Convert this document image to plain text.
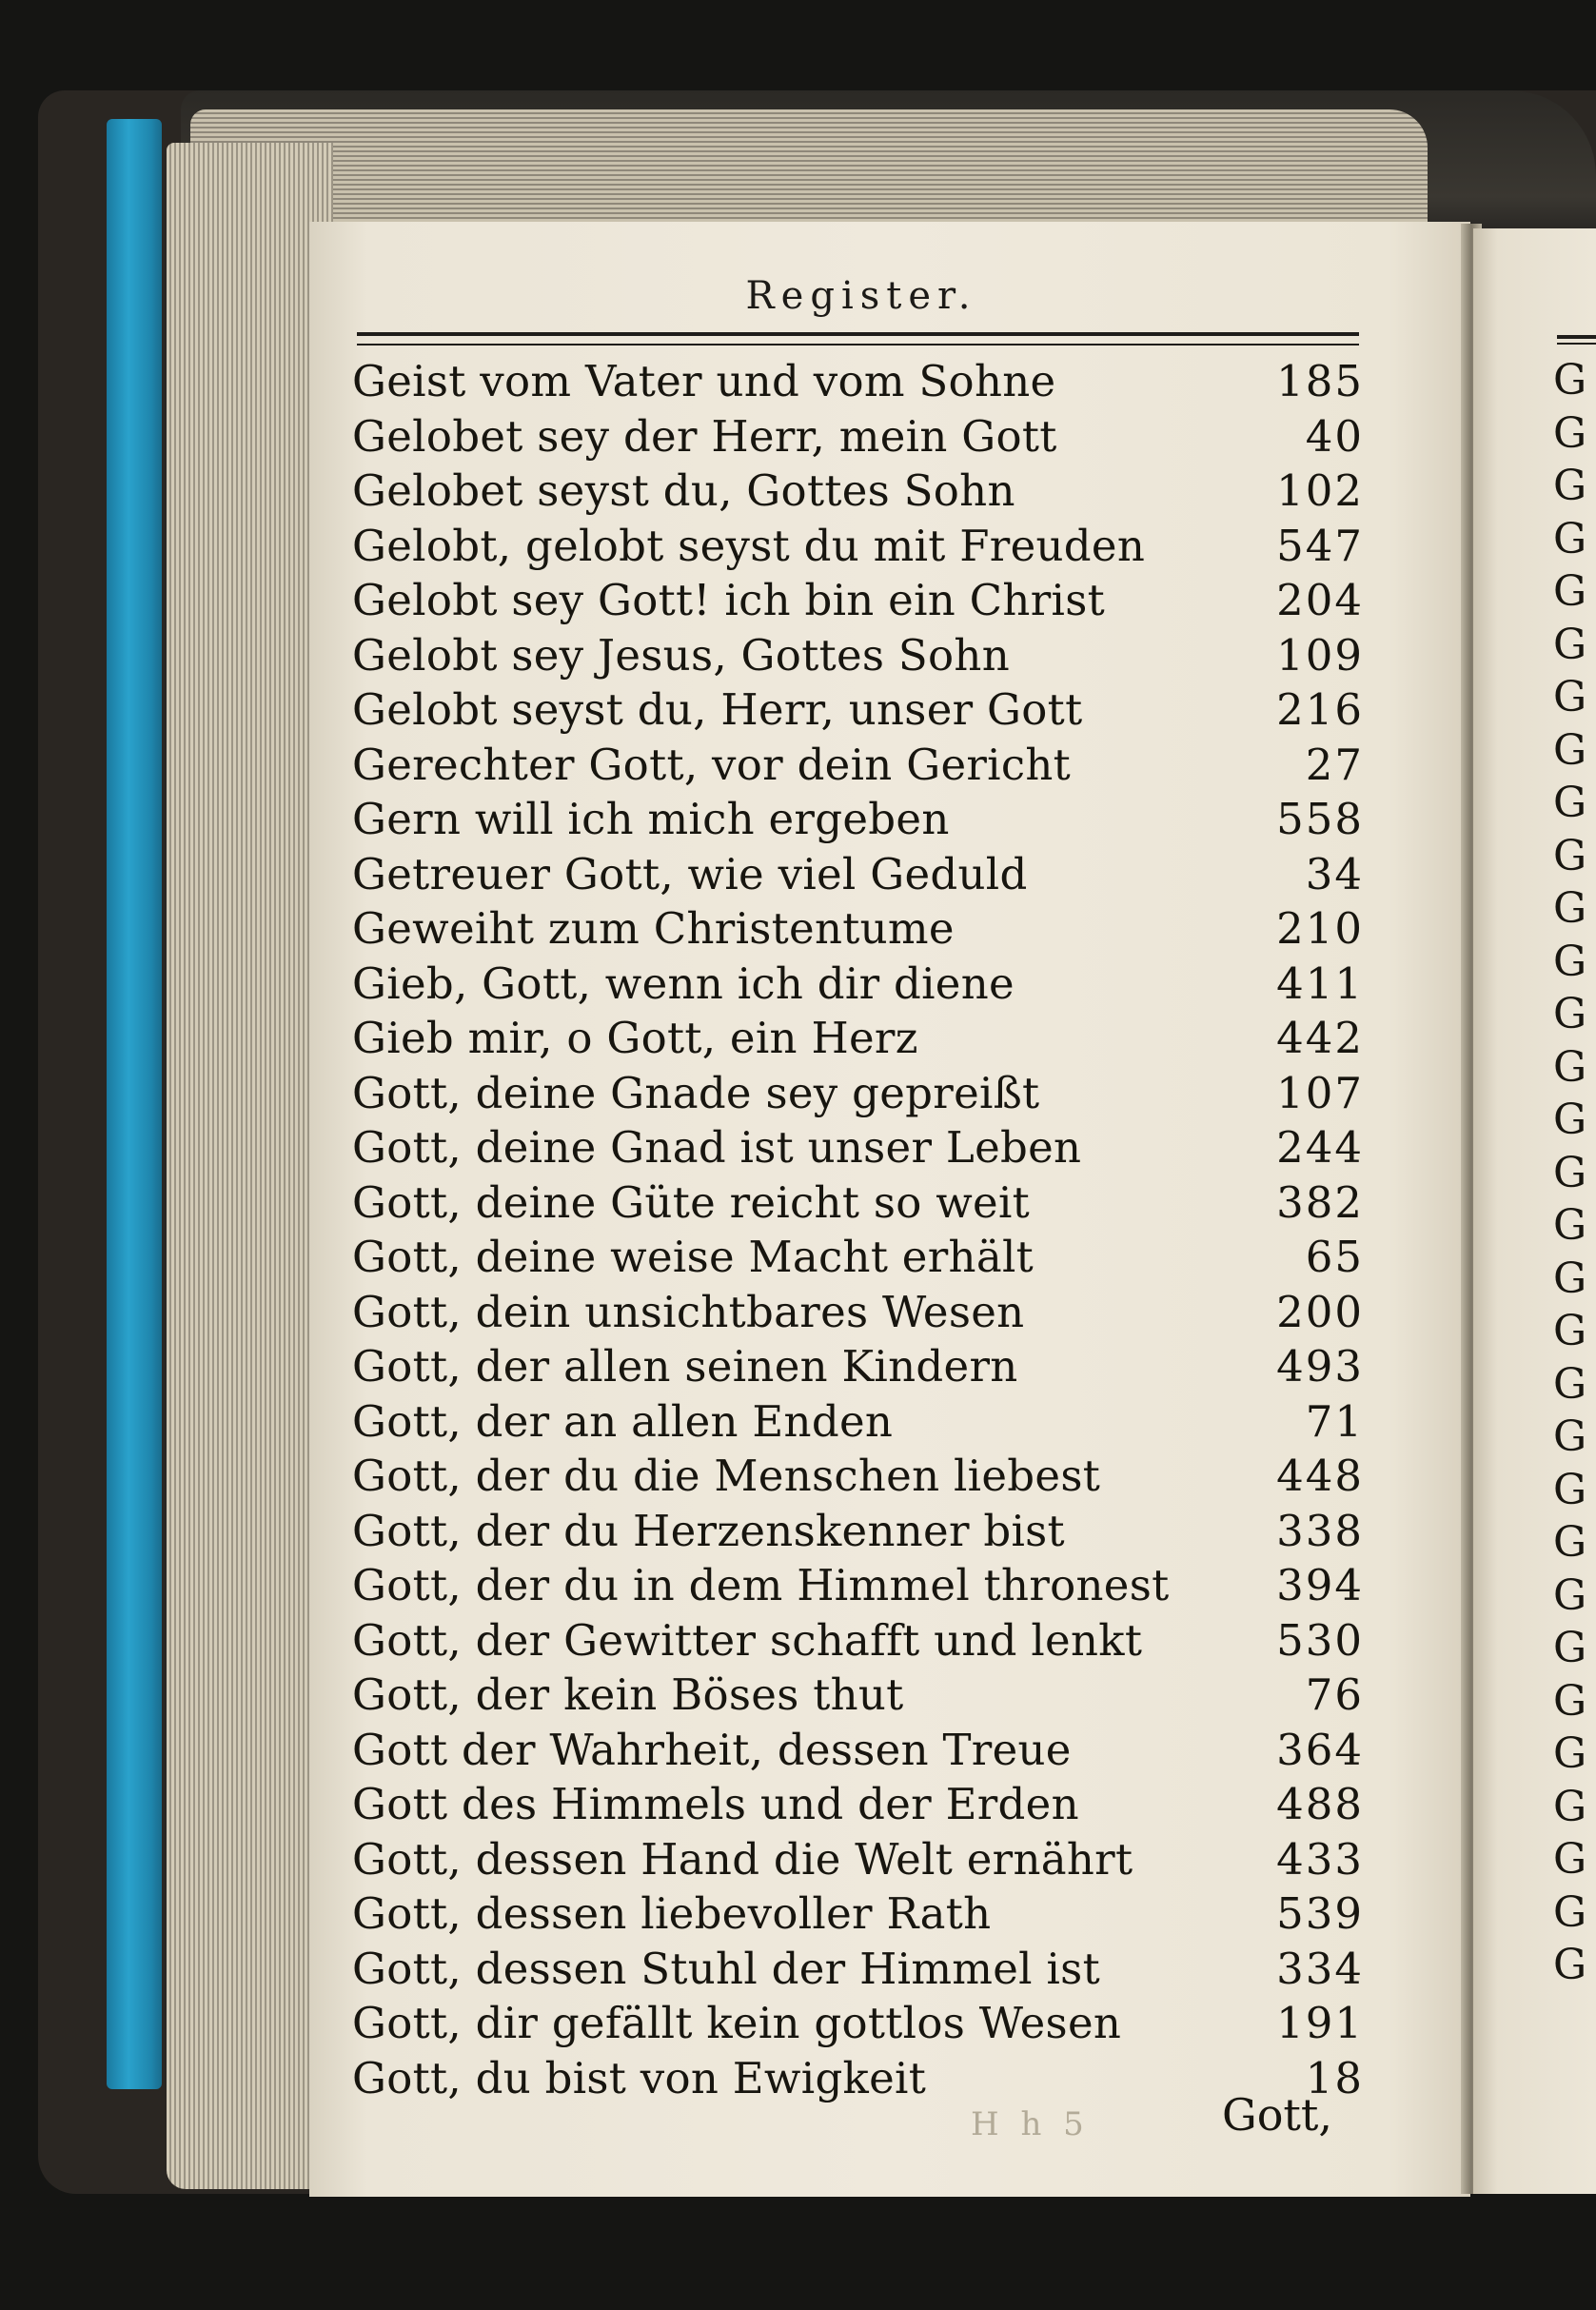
Register.
Geist vom Vater und vom Sohne	185
Gelobet sey der Herr, mein Gott	40
Gelobet seyst du, Gottes Sohn	102
Gelobt, gelobt seyst du mit Freuden	547
Gelobt sey Gott! ich bin ein Christ	204
Gelobt sey Jesus, Gottes Sohn	109
Gelobt seyst du, Herr, unser Gott	216
Gerechter Gott, vor dein Gericht	27
Gern will ich mich ergeben	558
Getreuer Gott, wie viel Geduld	34
Geweiht zum Christentume	210
Gieb, Gott, wenn ich dir diene	411
Gieb mir, o Gott, ein Herz	442
Gott, deine Gnade sey gepreißt	107
Gott, deine Gnad ist unser Leben	244
Gott, deine Güte reicht so weit	382
Gott, deine weise Macht erhält	65
Gott, dein unsichtbares Wesen	200
Gott, der allen seinen Kindern	493
Gott, der an allen Enden	71
Gott, der du die Menschen liebest	448
Gott, der du Herzenskenner bist	338
Gott, der du in dem Himmel thronest	394
Gott, der Gewitter schafft und lenkt	530
Gott, der kein Böses thut	76
Gott der Wahrheit, dessen Treue	364
Gott des Himmels und der Erden	488
Gott, dessen Hand die Welt ernährt	433
Gott, dessen liebevoller Rath	539
Gott, dessen Stuhl der Himmel ist	334
Gott, dir gefällt kein gottlos Wesen	191
Gott, du bist von Ewigkeit	18
H h 5	Gott,
G
G
G
G
G
G
G
G
G
G
G
G
G
G
G
G
G
G
G
G
G
G
G
G
G
G
G
G
G
G
G
